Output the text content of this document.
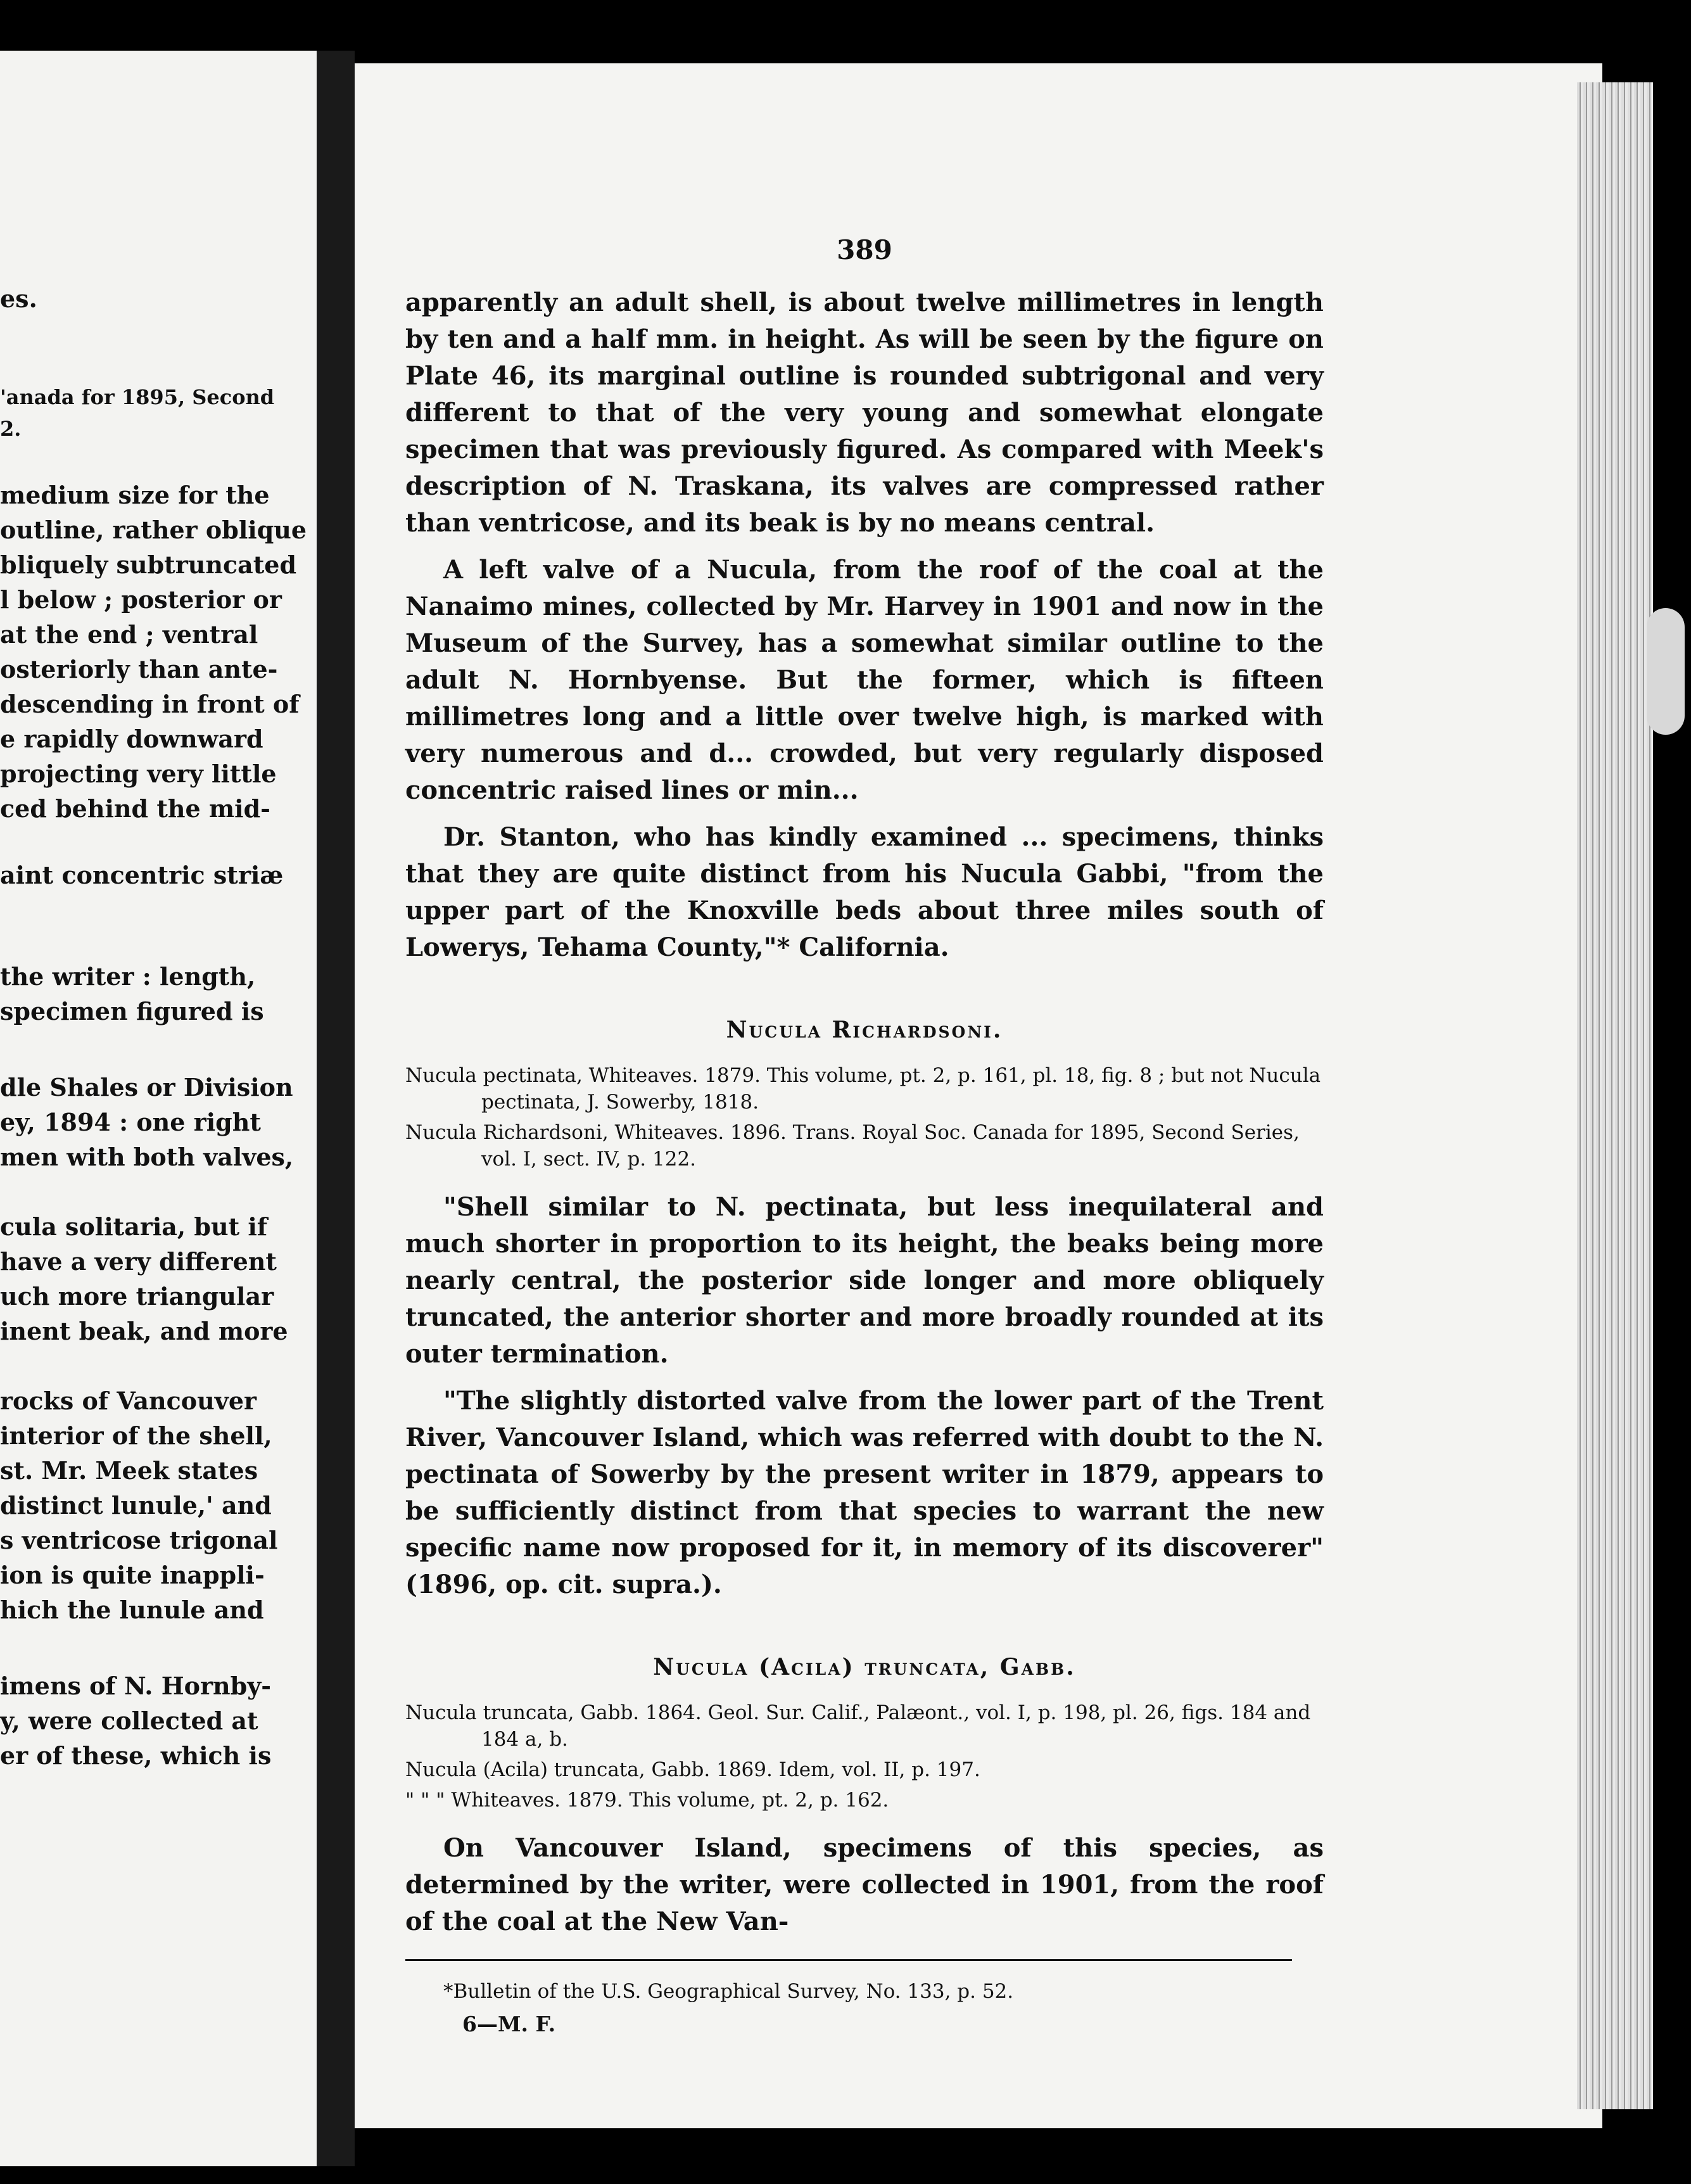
es.
'anada for 1895, Second
2.
medium size for the
outline, rather oblique
bliquely subtruncated
l below ; posterior or
at the end ; ventral
osteriorly than ante-
descending in front of
e rapidly downward
projecting very little
ced behind the mid-
aint concentric striæ
the writer : length,
specimen figured is
dle Shales or Division
ey, 1894 : one right
men with both valves,
cula solitaria, but if
have a very different
uch more triangular
inent beak, and more
rocks of Vancouver
interior of the shell,
st. Mr. Meek states
distinct lunule,' and
s ventricose trigonal
ion is quite inappli-
hich the lunule and
imens of N. Hornby-
y, were collected at
er of these, which is
389

apparently an adult shell, is about twelve millimetres in length by ten and a half mm. in height. As will be seen by the figure on Plate 46, its marginal outline is rounded subtrigonal and very different to that of the very young and somewhat elongate specimen that was previously figured. As compared with Meek's description of N. Traskana, its valves are compressed rather than ventricose, and its beak is by no means central.

A left valve of a Nucula, from the roof of the coal at the Nanaimo mines, collected by Mr. Harvey in 1901 and now in the Museum of the Survey, has a somewhat similar outline to the adult N. Hornbyense. But the former, which is fifteen millimetres long and a little over twelve high, is marked with very numerous and d... crowded, but very regularly disposed concentric raised lines or min...

Dr. Stanton, who has kindly examined ... specimens, thinks that they are quite distinct from his Nucula Gabbi, "from the upper part of the Knoxville beds about three miles south of Lowerys, Tehama County,"* California.

Nucula Richardsoni.

Nucula pectinata, Whiteaves. 1879. This volume, pt. 2, p. 161, pl. 18, fig. 8 ; but not Nucula pectinata, J. Sowerby, 1818.

Nucula Richardsoni, Whiteaves. 1896. Trans. Royal Soc. Canada for 1895, Second Series, vol. I, sect. IV, p. 122.

"Shell similar to N. pectinata, but less inequilateral and much shorter in proportion to its height, the beaks being more nearly central, the posterior side longer and more obliquely truncated, the anterior shorter and more broadly rounded at its outer termination.

"The slightly distorted valve from the lower part of the Trent River, Vancouver Island, which was referred with doubt to the N. pectinata of Sowerby by the present writer in 1879, appears to be sufficiently distinct from that species to warrant the new specific name now proposed for it, in memory of its discoverer" (1896, op. cit. supra.).

Nucula (Acila) truncata, Gabb.

Nucula truncata, Gabb. 1864. Geol. Sur. Calif., Palæont., vol. I, p. 198, pl. 26, figs. 184 and 184 a, b.

Nucula (Acila) truncata, Gabb. 1869. Idem, vol. II, p. 197.

" " " Whiteaves. 1879. This volume, pt. 2, p. 162.

On Vancouver Island, specimens of this species, as determined by the writer, were collected in 1901, from the roof of the coal at the New Van-

*Bulletin of the U.S. Geographical Survey, No. 133, p. 52.
6—M. F.
